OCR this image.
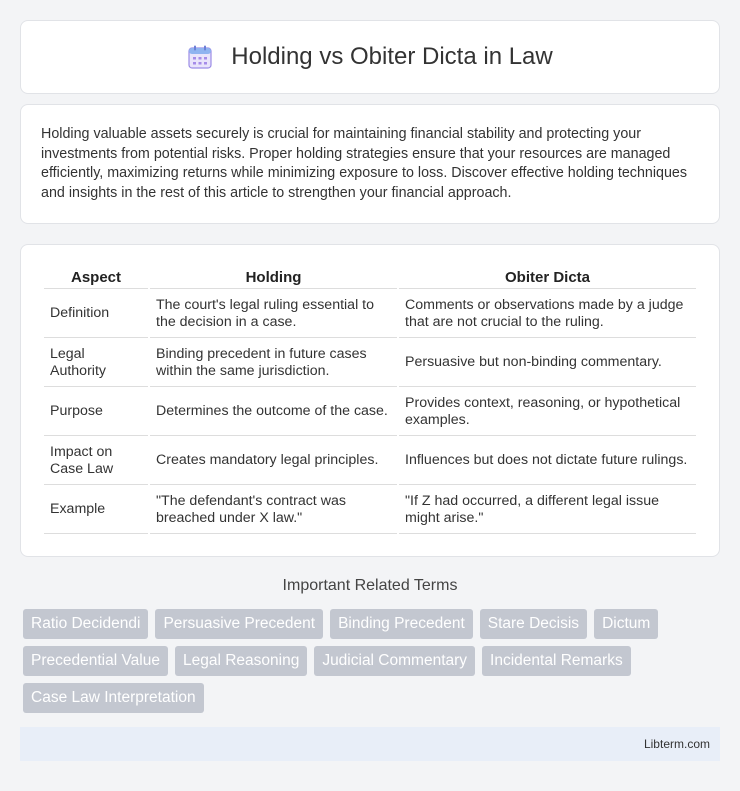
Holding vs Obiter Dicta in Law

Holding valuable assets securely is crucial for maintaining financial stability and protecting your investments from potential risks. Proper holding strategies ensure that your resources are managed efficiently, maximizing returns while minimizing exposure to loss. Discover effective holding techniques and insights in the rest of this article to strengthen your financial approach.

Aspect	Holding	Obiter Dicta
Definition	The court's legal ruling essential to the decision in a case.	Comments or observations made by a judge that are not crucial to the ruling.
Legal Authority	Binding precedent in future cases within the same jurisdiction.	Persuasive but non-binding commentary.
Purpose	Determines the outcome of the case.	Provides context, reasoning, or hypothetical examples.
Impact on Case Law	Creates mandatory legal principles.	Influences but does not dictate future rulings.
Example	"The defendant's contract was breached under X law."	"If Z had occurred, a different legal issue might arise."
Important Related Terms
Ratio Decidendi	Persuasive Precedent	Binding Precedent	Stare Decisis	Dictum
Precedential Value	Legal Reasoning	Judicial Commentary	Incidental Remarks
Case Law Interpretation
Libterm.com
